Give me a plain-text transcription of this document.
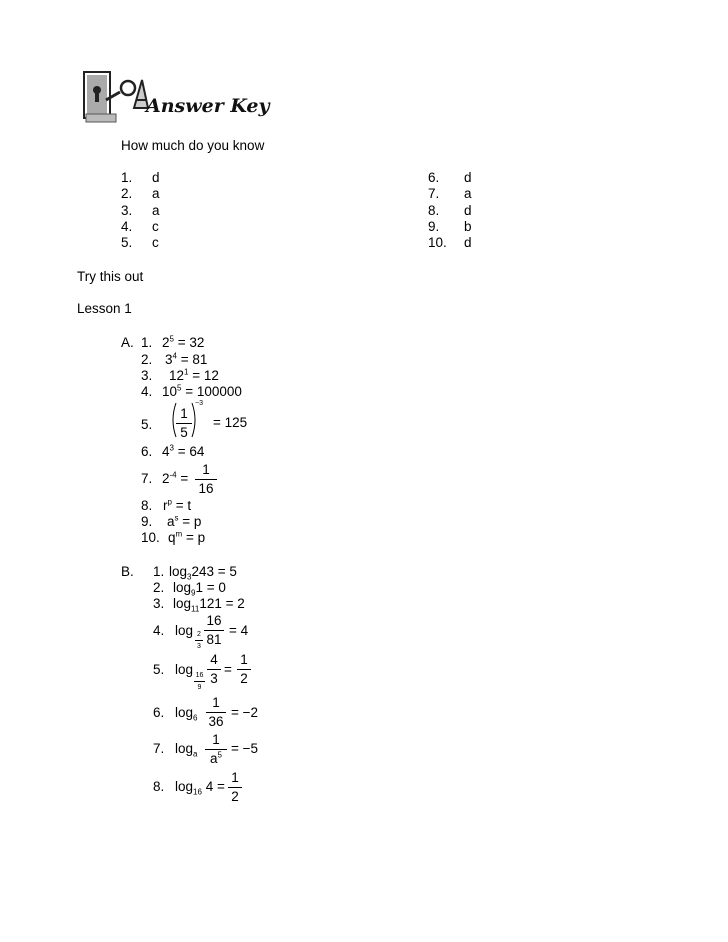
Answer Key
How much do you know
1. d
2. a
3. a
4. c
5. c
6. d
7. a
8. d
9. b
10. d
Try this out
Lesson 1
A. 1. $2^5 = 32$
2. $3^4 = 81$
3. $12^1 = 12$
4. $10^5 = 100000$
5. $\frac{1}{5}$
−3
= 125
6. $4^3 = 64$
7. $2^{-4} = \frac{1}{16}$
8. $r^p = t$
9. $a^s = p$
10. $q^m = p$
B. 1. $\log_3243 = 5$
2. $\log_91 = 0$
3. $\log_{11}121 = 2$
4. log
$\frac{2}{3} \frac{16}{81} = 4$
5. log
$\frac{16}{9} \frac{4}{3} = \frac{1}{2}$
6. $\log_6 \frac{1}{36} = -2$
7. $\log_a \frac{1}{a^5} = -5$
8. $\log_{16} 4 = \frac{1}{2}$
